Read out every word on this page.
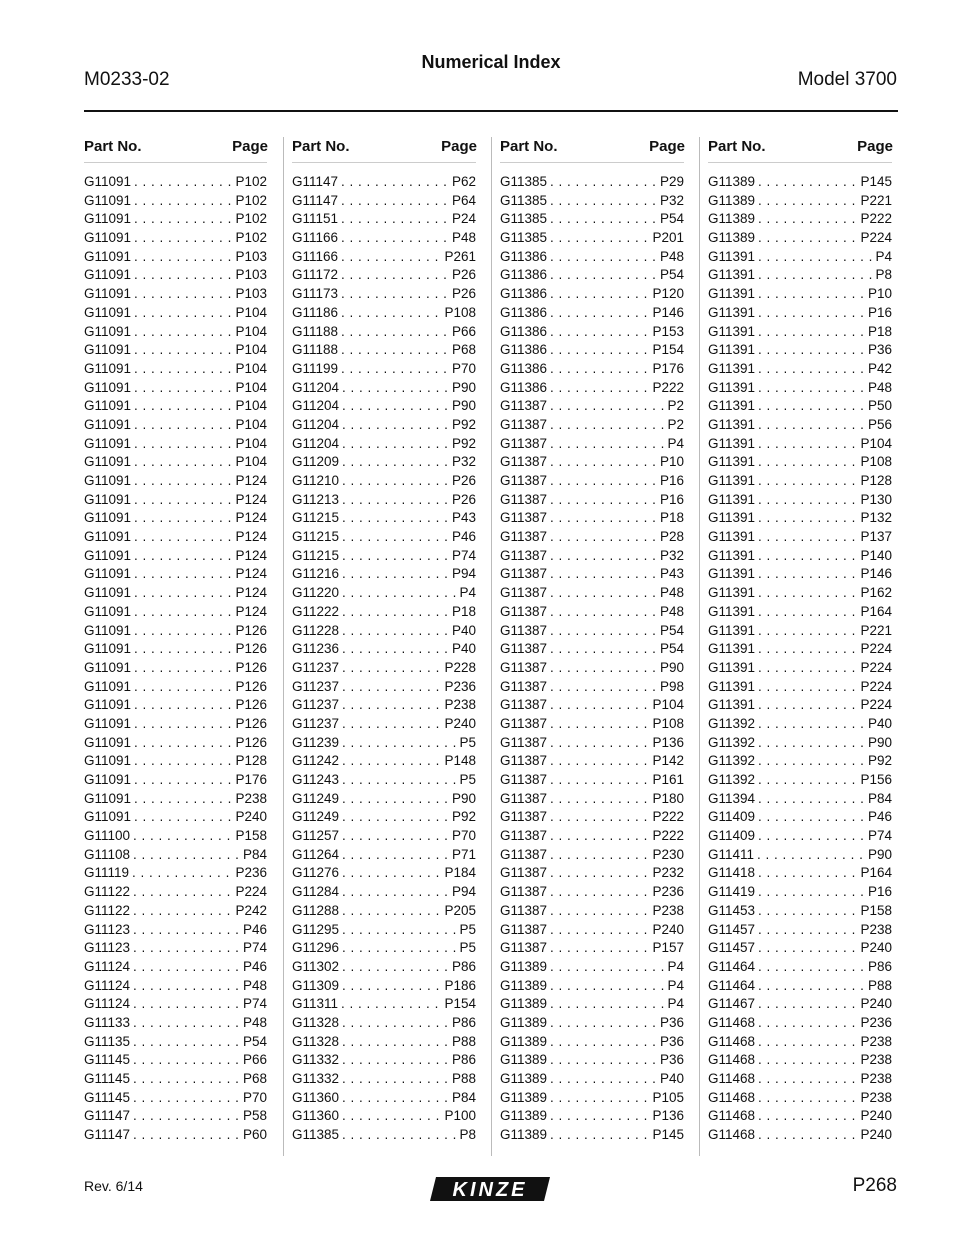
Numerical Index
M0233-02	Model 3700
Part No.	Page
G11091 . . .	P102
G11091 . . .	P102
G11091 . . .	P102
G11091 . . .	P102
G11091 . . .	P103
G11091 . . .	P103
G11091 . . .	P103
G11091 . . .	P104
G11091 . . .	P104
G11091 . . .	P104
G11091 . . .	P104
G11091 . . .	P104
G11091 . . .	P104
G11091 . . .	P104
G11091 . . .	P104
G11091 . . .	P104
G11091 . . .	P124
G11091 . . .	P124
G11091 . . .	P124
G11091 . . .	P124
G11091 . . .	P124
G11091 . . .	P124
G11091 . . .	P124
G11091 . . .	P124
G11091 . . .	P126
G11091 . . .	P126
G11091 . . .	P126
G11091 . . .	P126
G11091 . . .	P126
G11091 . . .	P126
G11091 . . .	P126
G11091 . . .	P128
G11091 . . .	P176
G11091 . . .	P238
G11091 . . .	P240
G11100 . . .	P158
G11108 . . .	P84
G11119 . . .	P236
G11122 . . .	P224
G11122 . . .	P242
G11123 . . .	P46
G11123 . . .	P74
G11124 . . .	P46
G11124 . . .	P48
G11124 . . .	P74
G11133 . . .	P48
G11135 . . .	P54
G11145 . . .	P66
G11145 . . .	P68
G11145 . . .	P70
G11147 . . .	P58
G11147 . . .	P60
Part No.	Page
G11147 . . .	P62
G11147 . . .	P64
G11151 . . .	P24
G11166 . . .	P48
G11166 . . .	P261
G11172 . . .	P26
G11173 . . .	P26
G11186 . . .	P108
G11188 . . .	P66
G11188 . . .	P68
G11199 . . .	P70
G11204 . . .	P90
G11204 . . .	P90
G11204 . . .	P92
G11204 . . .	P92
G11209 . . .	P32
G11210 . . .	P26
G11213 . . .	P26
G11215 . . .	P43
G11215 . . .	P46
G11215 . . .	P74
G11216 . . .	P94
G11220 . . .	P4
G11222 . . .	P18
G11228 . . .	P40
G11236 . . .	P40
G11237 . . .	P228
G11237 . . .	P236
G11237 . . .	P238
G11237 . . .	P240
G11239 . . .	P5
G11242 . . .	P148
G11243 . . .	P5
G11249 . . .	P90
G11249 . . .	P92
G11257 . . .	P70
G11264 . . .	P71
G11276 . . .	P184
G11284 . . .	P94
G11288 . . .	P205
G11295 . . .	P5
G11296 . . .	P5
G11302 . . .	P86
G11309 . . .	P186
G11311 . . .	P154
G11328 . . .	P86
G11328 . . .	P88
G11332 . . .	P86
G11332 . . .	P88
G11360 . . .	P84
G11360 . . .	P100
G11385 . . .	P8
Part No.	Page
G11385 . . .	P29
G11385 . . .	P32
G11385 . . .	P54
G11385 . . .	P201
G11386 . . .	P48
G11386 . . .	P54
G11386 . . .	P120
G11386 . . .	P146
G11386 . . .	P153
G11386 . . .	P154
G11386 . . .	P176
G11386 . . .	P222
G11387 . . .	P2
G11387 . . .	P2
G11387 . . .	P4
G11387 . . .	P10
G11387 . . .	P16
G11387 . . .	P16
G11387 . . .	P18
G11387 . . .	P28
G11387 . . .	P32
G11387 . . .	P43
G11387 . . .	P48
G11387 . . .	P48
G11387 . . .	P54
G11387 . . .	P54
G11387 . . .	P90
G11387 . . .	P98
G11387 . . .	P104
G11387 . . .	P108
G11387 . . .	P136
G11387 . . .	P142
G11387 . . .	P161
G11387 . . .	P180
G11387 . . .	P222
G11387 . . .	P222
G11387 . . .	P230
G11387 . . .	P232
G11387 . . .	P236
G11387 . . .	P238
G11387 . . .	P240
G11387 . . .	P157
G11389 . . .	P4
G11389 . . .	P4
G11389 . . .	P4
G11389 . . .	P36
G11389 . . .	P36
G11389 . . .	P36
G11389 . . .	P40
G11389 . . .	P105
G11389 . . .	P136
G11389 . . .	P145
Part No.	Page
G11389 . . .	P145
G11389 . . .	P221
G11389 . . .	P222
G11389 . . .	P224
G11391 . . .	P4
G11391 . . .	P8
G11391 . . .	P10
G11391 . . .	P16
G11391 . . .	P18
G11391 . . .	P36
G11391 . . .	P42
G11391 . . .	P48
G11391 . . .	P50
G11391 . . .	P56
G11391 . . .	P104
G11391 . . .	P108
G11391 . . .	P128
G11391 . . .	P130
G11391 . . .	P132
G11391 . . .	P137
G11391 . . .	P140
G11391 . . .	P146
G11391 . . .	P162
G11391 . . .	P164
G11391 . . .	P221
G11391 . . .	P224
G11391 . . .	P224
G11391 . . .	P224
G11391 . . .	P224
G11392 . . .	P40
G11392 . . .	P90
G11392 . . .	P92
G11392 . . .	P156
G11394 . . .	P84
G11409 . . .	P46
G11409 . . .	P74
G11411 . . .	P90
G11418 . . .	P164
G11419 . . .	P16
G11453 . . .	P158
G11457 . . .	P238
G11457 . . .	P240
G11464 . . .	P86
G11464 . . .	P88
G11467 . . .	P240
G11468 . . .	P236
G11468 . . .	P238
G11468 . . .	P238
G11468 . . .	P238
G11468 . . .	P238
G11468 . . .	P240
G11468 . . .	P240
Rev. 6/14	KINZE	P268
